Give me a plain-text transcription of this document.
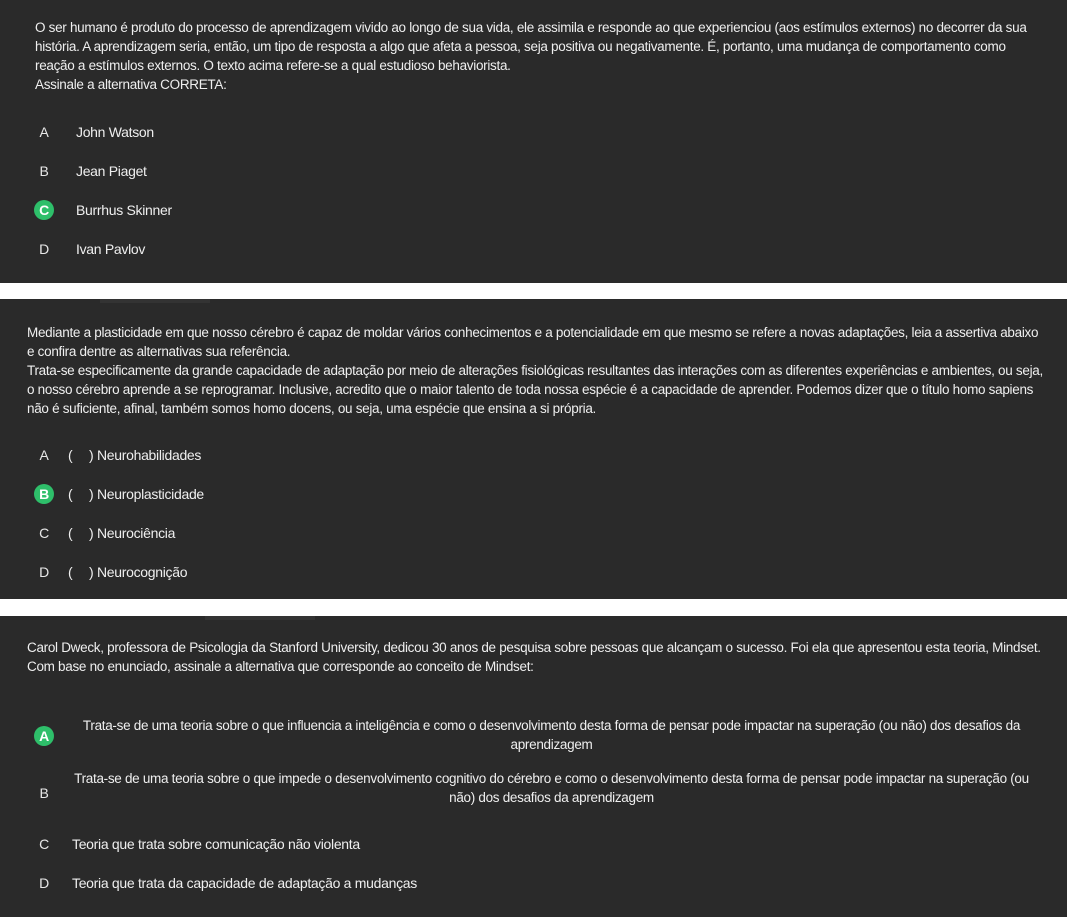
O ser humano é produto do processo de aprendizagem vivido ao longo de sua vida, ele assimila e responde ao que experienciou (aos estímulos externos) no decorrer da sua história. A aprendizagem seria, então, um tipo de resposta a algo que afeta a pessoa, seja positiva ou negativamente. É, portanto, uma mudança de comportamento como reação a estímulos externos. O texto acima refere-se a qual estudioso behaviorista.

Assinale a alternativa CORRETA:

A	John Watson
B	Jean Piaget
C	Burrhus Skinner
D	Ivan Pavlov

Mediante a plasticidade em que nosso cérebro é capaz de moldar vários conhecimentos e a potencialidade em que mesmo se refere a novas adaptações, leia a assertiva abaixo e confira dentre as alternativas sua referência.

Trata-se especificamente da grande capacidade de adaptação por meio de alterações fisiológicas resultantes das interações com as diferentes experiências e ambientes, ou seja, o nosso cérebro aprende a se reprogramar. Inclusive, acredito que o maior talento de toda nossa espécie é a capacidade de aprender. Podemos dizer que o título homo sapiens não é suficiente, afinal, também somos homo docens, ou seja, uma espécie que ensina a si própria.

A	( ) Neurohabilidades
B	( ) Neuroplasticidade
C	( ) Neurociência
D	( ) Neurocognição

Carol Dweck, professora de Psicologia da Stanford University, dedicou 30 anos de pesquisa sobre pessoas que alcançam o sucesso. Foi ela que apresentou esta teoria, Mindset.

Com base no enunciado, assinale a alternativa que corresponde ao conceito de Mindset:

A
Trata-se de uma teoria sobre o que influencia a inteligência e como o desenvolvimento desta forma de pensar pode impactar na superação (ou não) dos desafios da aprendizagem
B
Trata-se de uma teoria sobre o que impede o desenvolvimento cognitivo do cérebro e como o desenvolvimento desta forma de pensar pode impactar na superação (ou não) dos desafios da aprendizagem
C	Teoria que trata sobre comunicação não violenta
D	Teoria que trata da capacidade de adaptação a mudanças
